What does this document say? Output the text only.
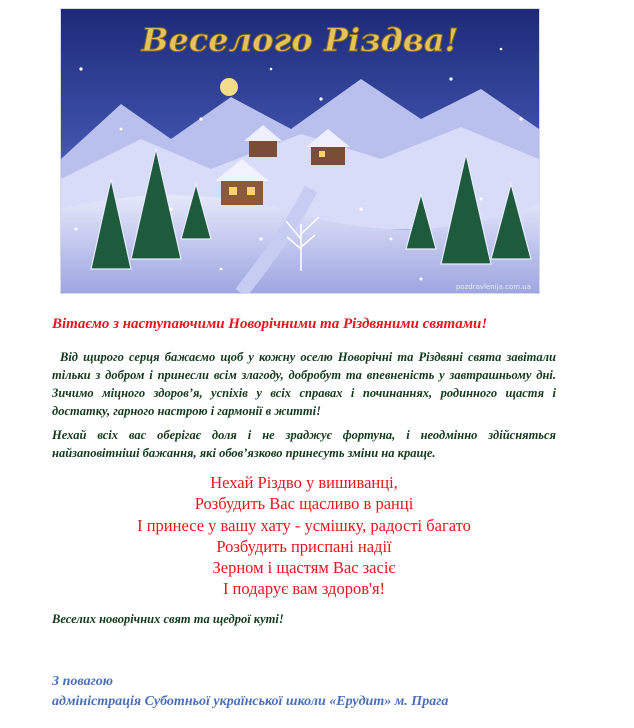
Веселого Різдва!
pozdravlenija.com.ua
Вітаємо з наступаючими Новорічними та Різдвяними святами!
Від щирого серця бажаємо щоб у кожну оселю Новорічні та Різдвяні свята завітали тільки з добром і принесли всім злагоду, добробут та впевненість у завтрашньому дні. Зичимо міцного здоров’я, успіхів у всіх справах і починаннях, родинного щастя і достатку, гарного настрою і гармонії в житті!
Нехай всіх вас оберігає доля і не зраджує фортуна, і неодмінно здійсняться найзаповітніші бажання, які обов’язково принесуть зміни на краще.
Нехай Різдво у вишиванці,
Розбудить Вас щасливо в ранці
І принесе у вашу хату - усмішку, радості багато
Розбудить приспані надії
Зерном і щастям Вас засіє
І подарує вам здоров'я!
Веселих новорічних свят та щедрої куті!
З повагою
адміністрація Суботньої української школи «Ерудит» м. Прага
